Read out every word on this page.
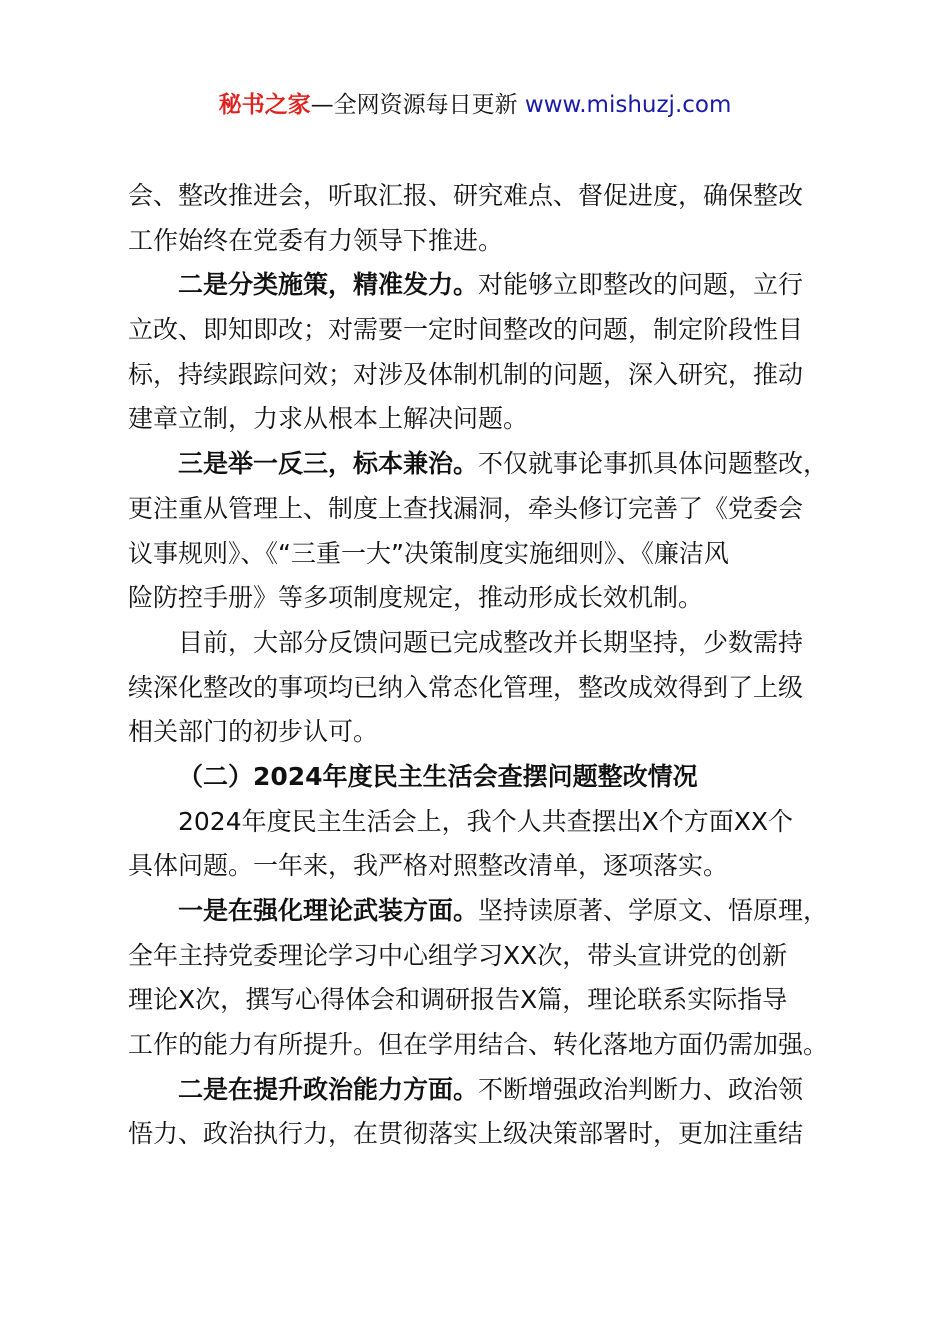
秘书之家—全网资源每日更新 www.mishuzj.com
会、整改推进会，听取汇报、研究难点、督促进度，确保整改
工作始终在党委有力领导下推进。
二是分类施策，精准发力。对能够立即整改的问题，立行
立改、即知即改；对需要一定时间整改的问题，制定阶段性目
标，持续跟踪问效；对涉及体制机制的问题，深入研究，推动
建章立制，力求从根本上解决问题。
三是举一反三，标本兼治。不仅就事论事抓具体问题整改，
更注重从管理上、制度上查找漏洞，牵头修订完善了《党委会
议事规则》、《“三重一大”决策制度实施细则》、《廉洁风
险防控手册》等多项制度规定，推动形成长效机制。
目前，大部分反馈问题已完成整改并长期坚持，少数需持
续深化整改的事项均已纳入常态化管理，整改成效得到了上级
相关部门的初步认可。
（二）2024年度民主生活会查摆问题整改情况
2024年度民主生活会上，我个人共查摆出X个方面XX个
具体问题。一年来，我严格对照整改清单，逐项落实。
一是在强化理论武装方面。坚持读原著、学原文、悟原理，
全年主持党委理论学习中心组学习XX次，带头宣讲党的创新
理论X次，撰写心得体会和调研报告X篇，理论联系实际指导
工作的能力有所提升。但在学用结合、转化落地方面仍需加强。
二是在提升政治能力方面。不断增强政治判断力、政治领
悟力、政治执行力，在贯彻落实上级决策部署时，更加注重结
